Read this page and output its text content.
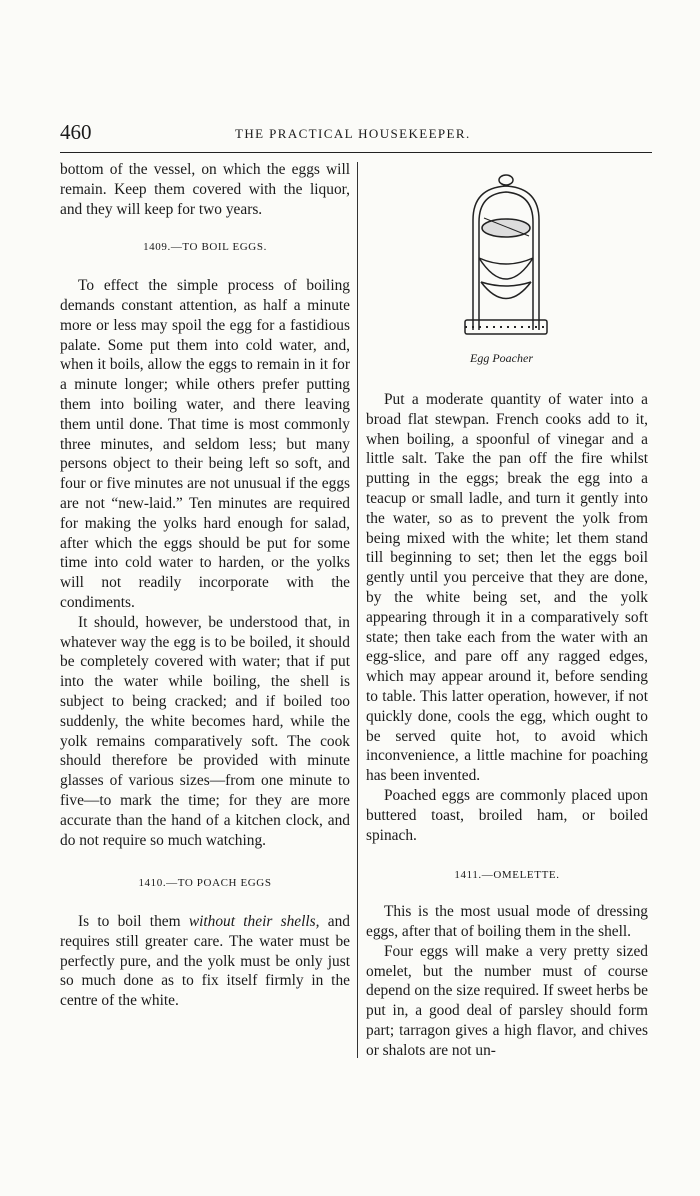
460	THE PRACTICAL HOUSEKEEPER.

bottom of the vessel, on which the eggs will remain. Keep them covered with the liquor, and they will keep for two years.

1409.—TO BOIL EGGS.

To effect the simple process of boiling demands constant attention, as half a minute more or less may spoil the egg for a fastidious palate. Some put them into cold water, and, when it boils, allow the eggs to remain in it for a minute longer; while others prefer putting them into boiling water, and there leaving them until done. That time is most commonly three minutes, and seldom less; but many persons object to their being left so soft, and four or five minutes are not unusual if the eggs are not “new-laid.” Ten minutes are required for making the yolks hard enough for salad, after which the eggs should be put for some time into cold water to harden, or the yolks will not readily incorporate with the condiments.

It should, however, be understood that, in whatever way the egg is to be boiled, it should be completely covered with water; that if put into the water while boiling, the shell is subject to being cracked; and if boiled too suddenly, the white becomes hard, while the yolk remains comparatively soft. The cook should therefore be provided with minute glasses of various sizes—from one minute to five—to mark the time; for they are more accurate than the hand of a kitchen clock, and do not require so much watching.

1410.—TO POACH EGGS

Is to boil them without their shells, and requires still greater care. The water must be perfectly pure, and the yolk must be only just so much done as to fix itself firmly in the centre of the white.

Egg Poacher

Put a moderate quantity of water into a broad flat stewpan. French cooks add to it, when boiling, a spoonful of vinegar and a little salt. Take the pan off the fire whilst putting in the eggs; break the egg into a teacup or small ladle, and turn it gently into the water, so as to prevent the yolk from being mixed with the white; let them stand till beginning to set; then let the eggs boil gently until you perceive that they are done, by the white being set, and the yolk appearing through it in a comparatively soft state; then take each from the water with an egg-slice, and pare off any ragged edges, which may appear around it, before sending to table. This latter operation, however, if not quickly done, cools the egg, which ought to be served quite hot, to avoid which inconvenience, a little machine for poaching has been invented.

Poached eggs are commonly placed upon buttered toast, broiled ham, or boiled spinach.

1411.—OMELETTE.

This is the most usual mode of dressing eggs, after that of boiling them in the shell.

Four eggs will make a very pretty sized omelet, but the number must of course depend on the size required. If sweet herbs be put in, a good deal of parsley should form part; tarragon gives a high flavor, and chives or shalots are not un-
